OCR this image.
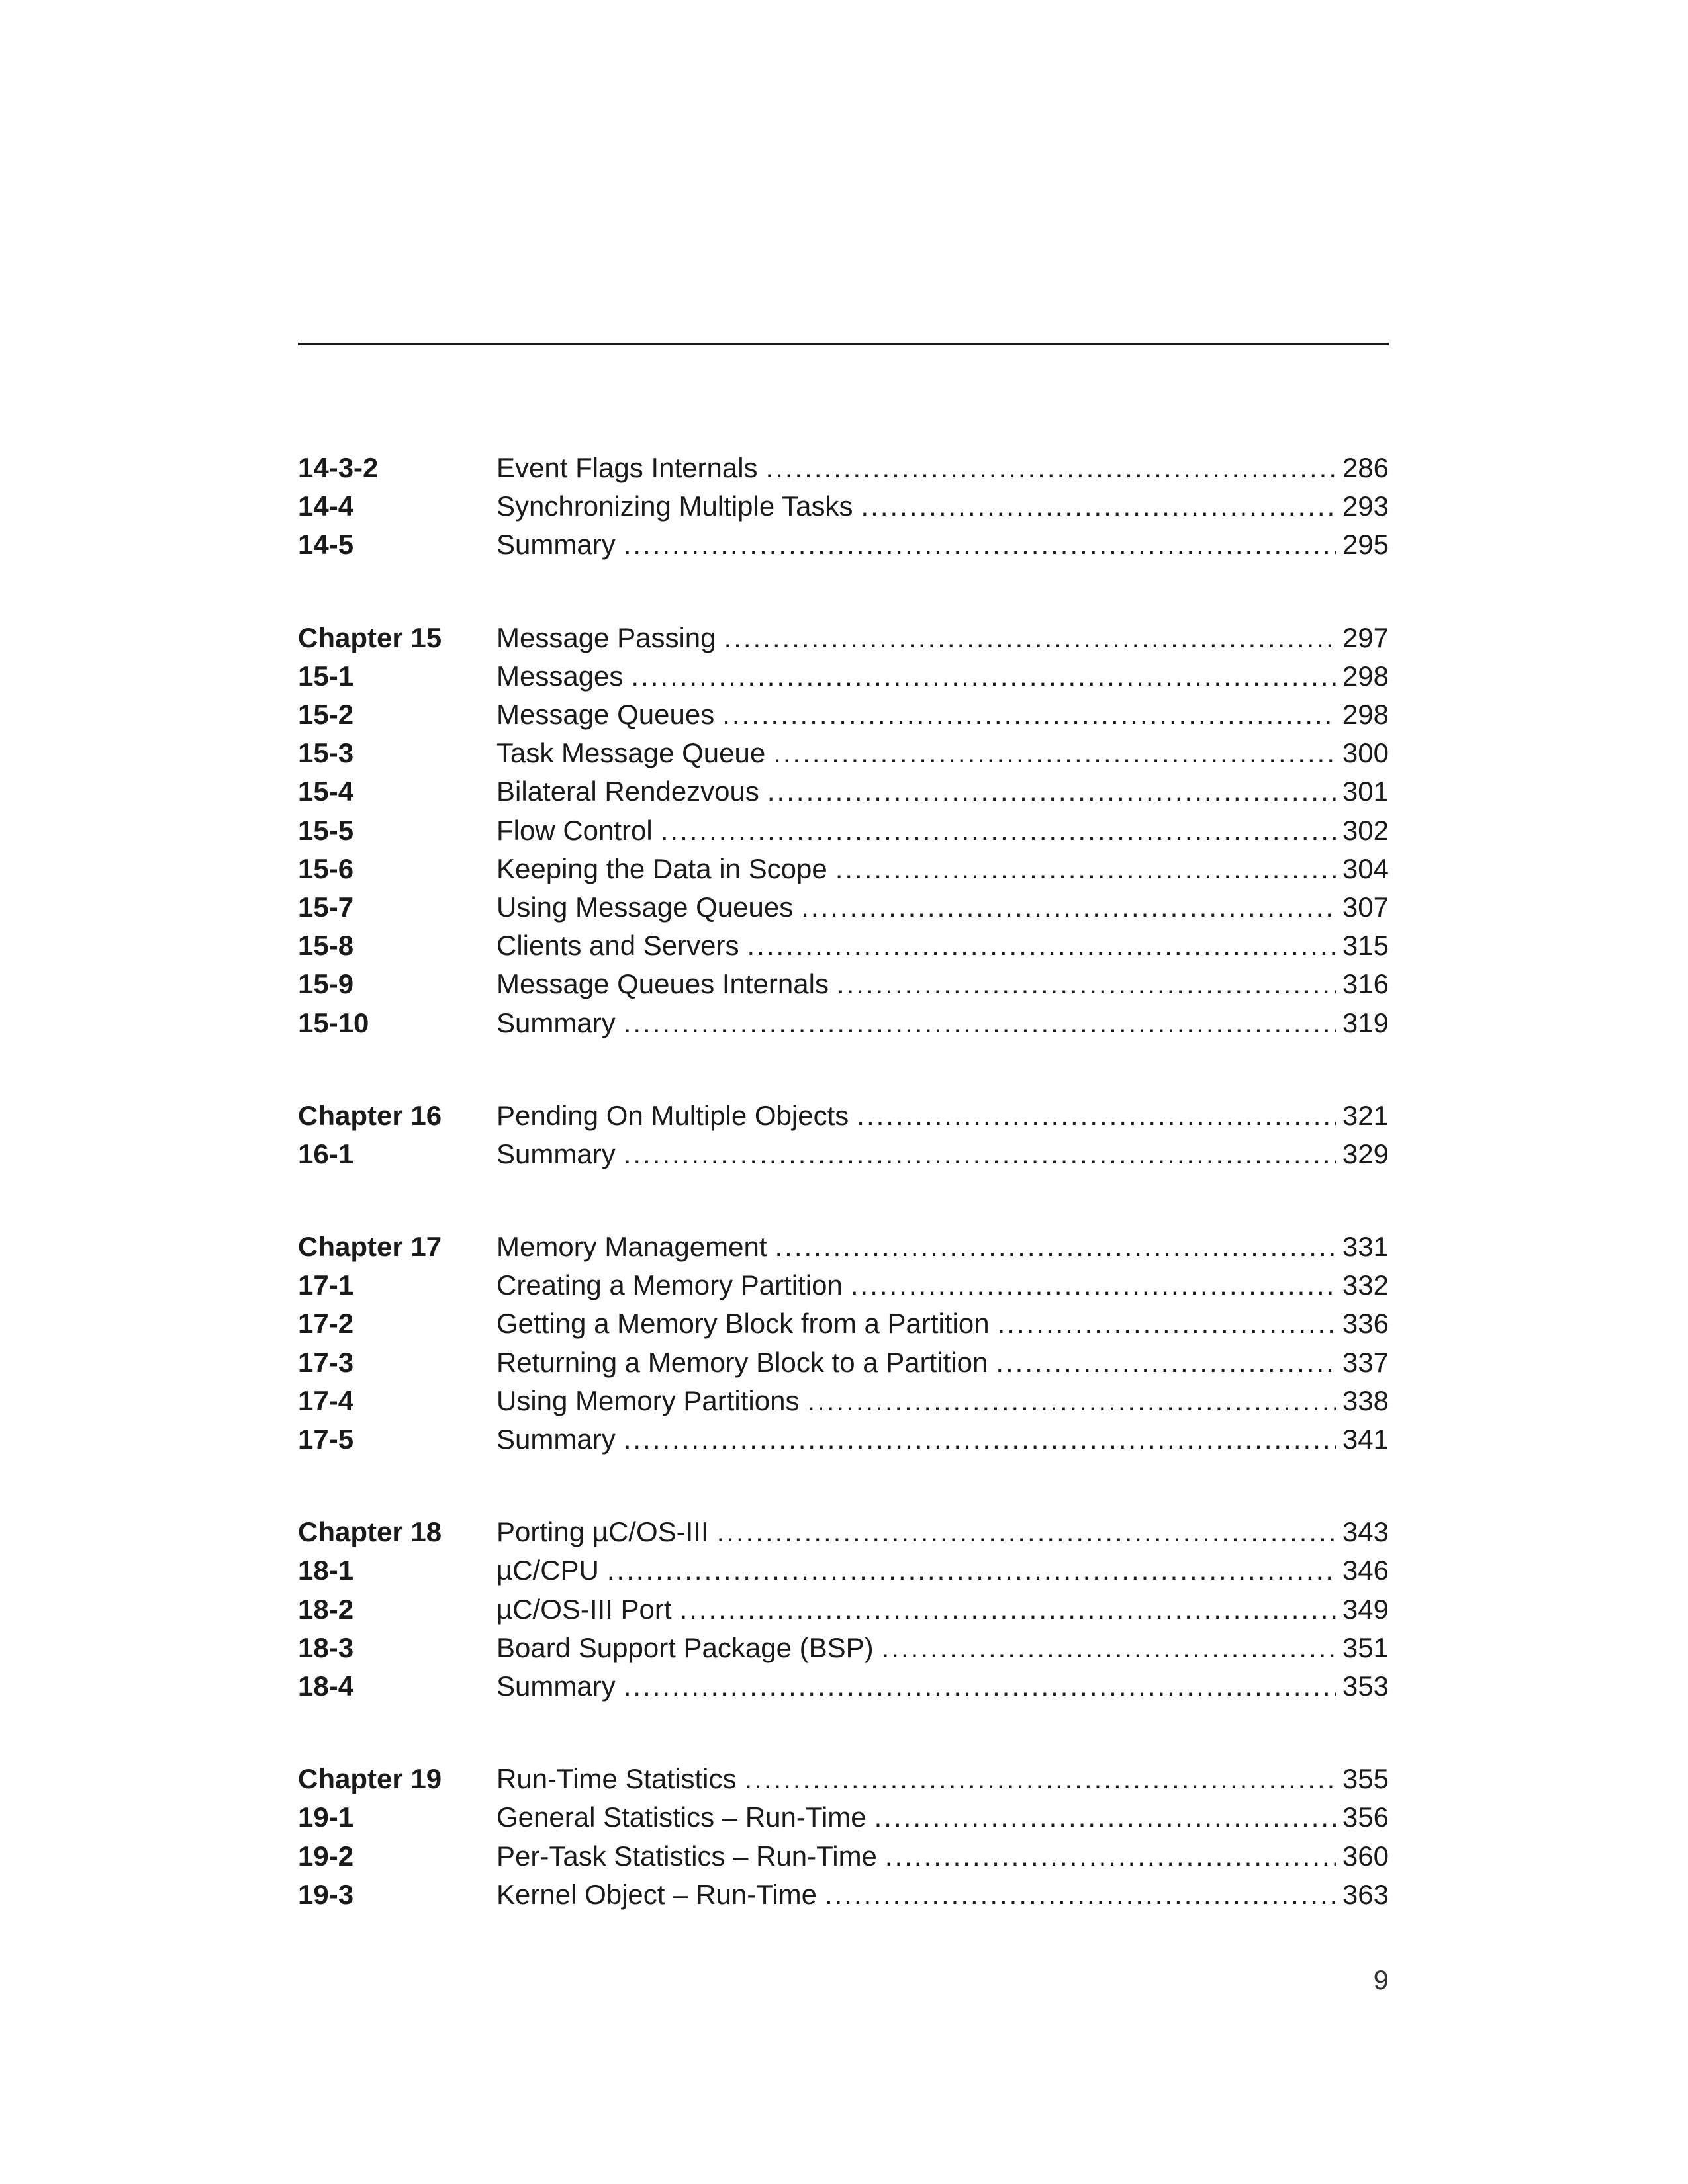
14-3-2	Event Flags Internals .....	286
14-4	Synchronizing Multiple Tasks .....	293
14-5	Summary .....	295
Chapter 15 Message Passing .....	297
15-1	Messages .....	298
15-2	Message Queues .....	298
15-3	Task Message Queue .....	300
15-4	Bilateral Rendezvous .....	301
15-5	Flow Control .....	302
15-6	Keeping the Data in Scope .....	304
15-7	Using Message Queues .....	307
15-8	Clients and Servers .....	315
15-9	Message Queues Internals .....	316
15-10	Summary .....	319
Chapter 16 Pending On Multiple Objects .....	321
16-1	Summary .....	329
Chapter 17 Memory Management .....	331
17-1	Creating a Memory Partition .....	332
17-2	Getting a Memory Block from a Partition .....	336
17-3	Returning a Memory Block to a Partition .....	337
17-4	Using Memory Partitions .....	338
17-5	Summary .....	341
Chapter 18 Porting µC/OS-III .....	343
18-1	µC/CPU .....	346
18-2	µC/OS-III Port .....	349
18-3	Board Support Package (BSP) .....	351
18-4	Summary .....	353
Chapter 19 Run-Time Statistics .....	355
19-1	General Statistics – Run-Time .....	356
19-2	Per-Task Statistics – Run-Time .....	360
19-3	Kernel Object – Run-Time .....	363
9
